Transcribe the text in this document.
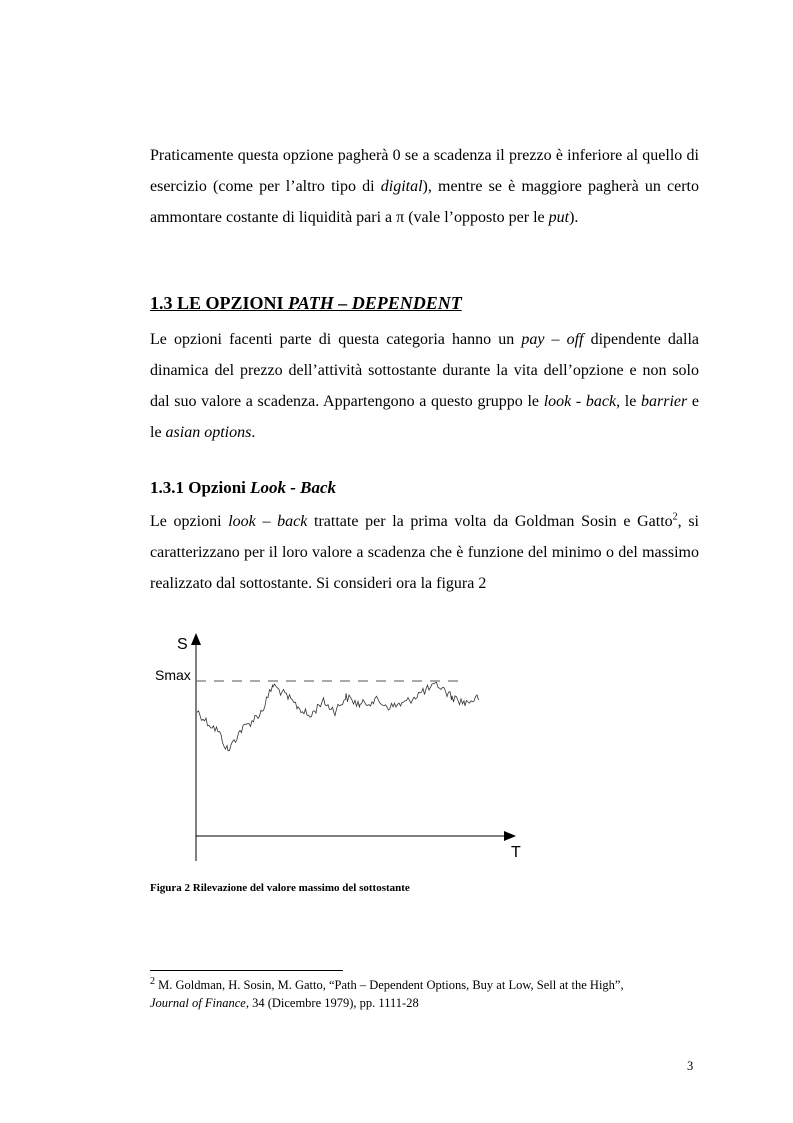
Praticamente questa opzione pagherà 0 se a scadenza il prezzo è inferiore al quello di esercizio (come per l’altro tipo di digital), mentre se è maggiore pagherà un certo ammontare costante di liquidità pari a π (vale l’opposto per le put).

1.3 LE OPZIONI PATH – DEPENDENT

Le opzioni facenti parte di questa categoria hanno un pay – off dipendente dalla dinamica del prezzo dell’attività sottostante durante la vita dell’opzione e non solo dal suo valore a scadenza. Appartengono a questo gruppo le look - back, le barrier e le asian options.

1.3.1 Opzioni Look - Back

Le opzioni look – back trattate per la prima volta da Goldman Sosin e Gatto$^2$, si caratterizzano per il loro valore a scadenza che è funzione del minimo o del massimo realizzato dal sottostante. Si consideri ora la figura 2

S
Smax
T

Figura 2 Rilevazione del valore massimo del sottostante

$^2$ M. Goldman, H. Sosin, M. Gatto, “Path – Dependent Options, Buy at Low, Sell at the High”,
Journal of Finance, 34 (Dicembre 1979), pp. 1111-28

3
